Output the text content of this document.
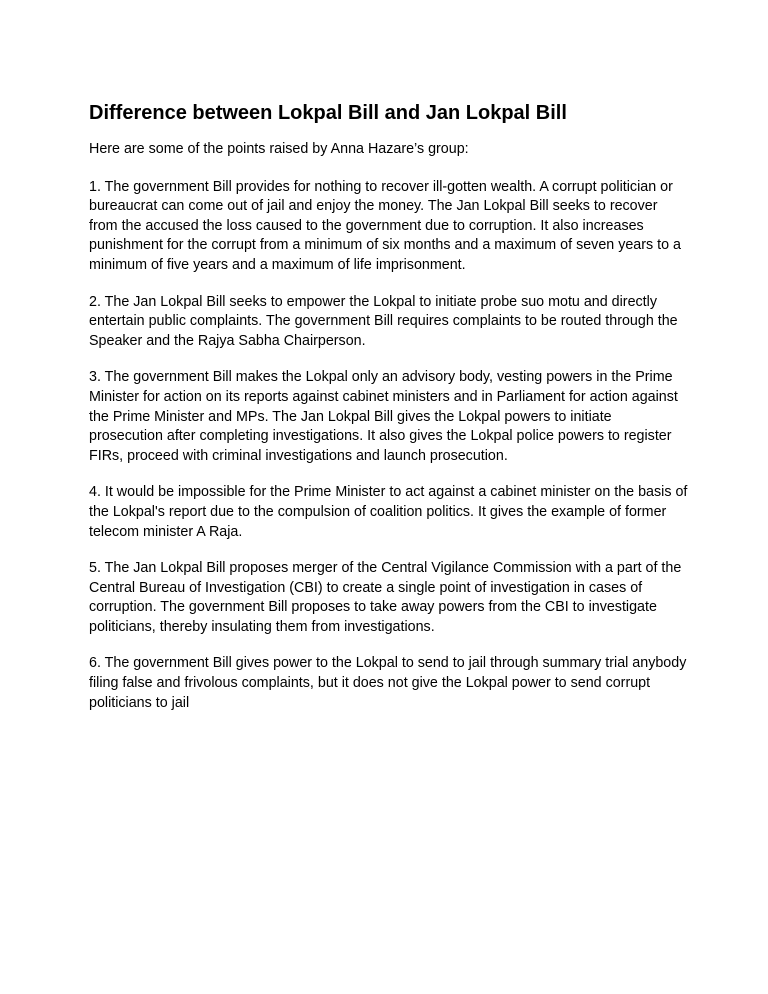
Difference between Lokpal Bill and Jan Lokpal Bill

Here are some of the points raised by Anna Hazare’s group:

1. The government Bill provides for nothing to recover ill-gotten wealth. A corrupt politician or bureaucrat can come out of jail and enjoy the money. The Jan Lokpal Bill seeks to recover from the accused the loss caused to the government due to corruption. It also increases punishment for the corrupt from a minimum of six months and a maximum of seven years to a minimum of five years and a maximum of life imprisonment.

2. The Jan Lokpal Bill seeks to empower the Lokpal to initiate probe suo motu and directly entertain public complaints. The government Bill requires complaints to be routed through the Speaker and the Rajya Sabha Chairperson.

3. The government Bill makes the Lokpal only an advisory body, vesting powers in the Prime Minister for action on its reports against cabinet ministers and in Parliament for action against the Prime Minister and MPs. The Jan Lokpal Bill gives the Lokpal powers to initiate prosecution after completing investigations. It also gives the Lokpal police powers to register FIRs, proceed with criminal investigations and launch prosecution.

4. It would be impossible for the Prime Minister to act against a cabinet minister on the basis of the Lokpal's report due to the compulsion of coalition politics. It gives the example of former telecom minister A Raja.

5. The Jan Lokpal Bill proposes merger of the Central Vigilance Commission with a part of the Central Bureau of Investigation (CBI) to create a single point of investigation in cases of corruption. The government Bill proposes to take away powers from the CBI to investigate politicians, thereby insulating them from investigations.

6. The government Bill gives power to the Lokpal to send to jail through summary trial anybody filing false and frivolous complaints, but it does not give the Lokpal power to send corrupt politicians to jail
